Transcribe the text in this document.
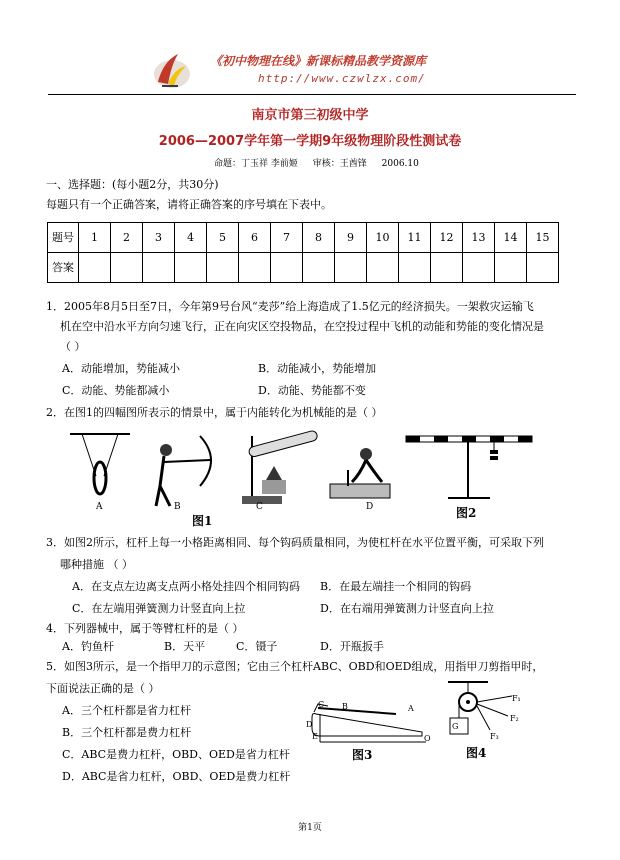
《初中物理在线》新课标精品教学资源库
http://www.czwlzx.com/
南京市第三初级中学
2006—2007学年第一学期9年级物理阶段性测试卷
命题：丁玉祥 李前姬 审核：王酋锋 2006.10
一、选择题：(每小题2分，共30分)
每题只有一个正确答案，请将正确答案的序号填在下表中。
题号	1	2	3	4	5	6	7	8	9	10	11	12	13	14	15
答案															
1．2005年8月5日至7日，今年第9号台风“麦莎”给上海造成了1.5亿元的经济损失。一架救灾运输飞
机在空中沿水平方向匀速飞行，正在向灾区空投物品，在空投过程中飞机的动能和势能的变化情况是
（ ）
A．动能增加，势能减小	B．动能减小，势能增加
C．动能、势能都减小	D．动能、势能都不变
2．在图1的四幅图所表示的情景中，属于内能转化为机械能的是（ ）
A	B	C	D
图1
图2
3．如图2所示，杠杆上每一小格距离相同、每个钩码质量相同，为使杠杆在水平位置平衡，可采取下列
哪种措施 （ ）
A．在支点左边离支点两小格处挂四个相同钩码 B．在最左端挂一个相同的钩码
C．在左端用弹簧测力计竖直向上拉	D．在右端用弹簧测力计竖直向上拉
4．下列器械中，属于等臂杠杆的是（ ）
A．钓鱼杆	B．天平	C．镊子	D．开瓶扳手
5．如图3所示，是一个指甲刀的示意图；它由三个杠杆ABC、OBD和OED组成，用指甲刀剪指甲时，
下面说法正确的是（ ）
A．三个杠杆都是省力杠杆
B．三个杠杆都是费力杠杆
C．ABC是费力杠杆，OBD、OED是省力杠杆
D．ABC是省力杠杆，OBD、OED是费力杠杆
C B	A
D
E	O
图3
G
F₁
F₂
F₃
图4
第1页
